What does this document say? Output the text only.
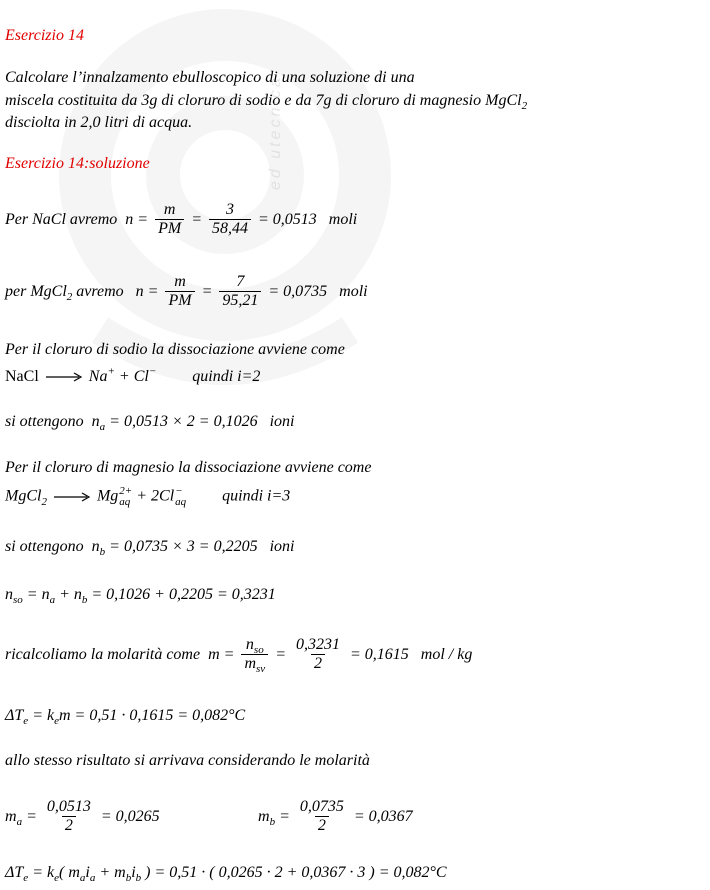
ed utecnica
Esercizio 14
Calcolare l’innalzamento ebulloscopico di una soluzione di una
miscela costituita da 3g di cloruro di sodio e da 7g di cloruro di magnesio MgCl$_2$
disciolta in 2,0 litri di acqua.
Esercizio 14:soluzione
Per NaCl avremo $n = \frac{m}{PM} = \frac{3}{58,44} = 0,0513$ moli
per MgCl$_2$ avremo $n = \frac{m}{PM} = \frac{7}{95,21} = 0,0735$ moli
Per il cloruro di sodio la dissociazione avviene come
NaCl → Na+ + Cl− quindi i=2
si ottengono $n_a = 0,0513 \times 2 = 0,1026$ ioni
Per il cloruro di magnesio la dissociazione avviene come
MgCl$_2$ → Mg 2+
aq + 2Cl −
aq quindi i=3
si ottengono $n_b = 0,0735 \times 3 = 0,2205$ ioni
$n_{so} = n_a + n_b = 0,1026 + 0,2205 = 0,3231$
ricalcoliamo la molarità come $m = \frac{n_{so}}{m_{sv}} = \frac{0,3231}{2} = 0,1615$ mol / kg
$\Delta T_e = k_em = 0,51 \cdot 0,1615 = 0,082^\circ C$
allo stesso risultato si arrivava considerando le molarità
$m_a = \frac{0,0513}{2} = 0,0265$	$m_b = \frac{0,0735}{2} = 0,0367$
$\Delta T_e = k_e$( $m_ai_a + m_bi_b$ ) = 0,51 · ( 0,0265 · 2 + 0,0367 · 3 ) = 0,082°C
